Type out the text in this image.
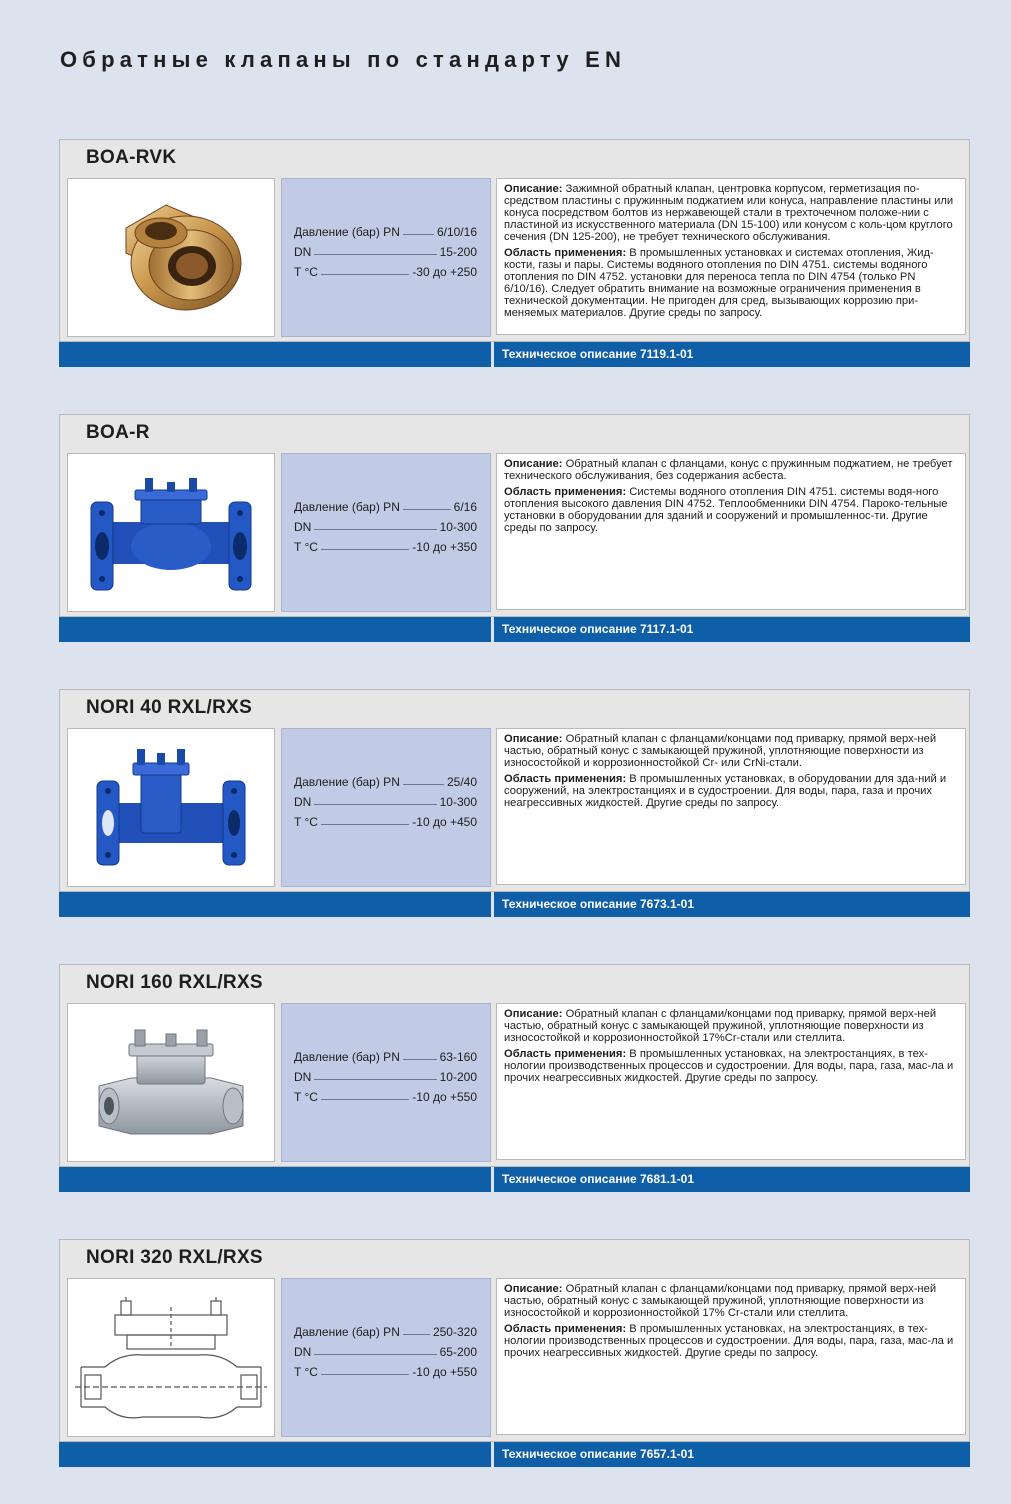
Обратные клапаны по стандарту EN
BOA-RVK
Давление (бар) PN	6/10/16
DN	15-200
T °C	-30 до +250

Описание: Зажимной обратный клапан, центровка корпусом, герметизация по-средством пластины с пружинным поджатием или конуса, направление пластины или конуса посредством болтов из нержавеющей стали в трехточечном положе-нии с пластиной из искусственного материала (DN 15-100) или конусом с коль-цом круглого сечения (DN 125-200), не требует технического обслуживания.

Область применения: В промышленных установках и системах отопления, Жид-кости, газы и пары. Системы водяного отопления по DIN 4751. системы водяного отопления по DIN 4752. установки для переноса тепла по DIN 4754 (только PN 6/10/16). Следует обратить внимание на возможные ограничения применения в технической документации. Не пригоден для сред, вызывающих коррозию при-меняемых материалов. Другие среды по запросу.

Техническое описание 7119.1-01
BOA-R
Давление (бар) PN	6/16
DN	10-300
T °C	-10 до +350

Описание: Обратный клапан с фланцами, конус с пружинным поджатием, не требует технического обслуживания, без содержания асбеста.

Область применения: Системы водяного отопления DIN 4751. системы водя-ного отопления высокого давления DIN 4752. Теплообменники DIN 4754. Пароко-тельные установки в оборудовании для зданий и сооружений и промышленнос-ти. Другие среды по запросу.

Техническое описание 7117.1-01
NORI 40 RXL/RXS
Давление (бар) PN	25/40
DN	10-300
T °C	-10 до +450

Описание: Обратный клапан с фланцами/концами под приварку, прямой верх-ней частью, обратный конус с замыкающей пружиной, уплотняющие поверхности из износостойкой и коррозионностойкой Cr- или CrNi-стали.

Область применения: В промышленных установках, в оборудовании для зда-ний и сооружений, на электростанциях и в судостроении. Для воды, пара, газа и прочих неагрессивных жидкостей. Другие среды по запросу.

Техническое описание 7673.1-01
NORI 160 RXL/RXS
Давление (бар) PN	63-160
DN	10-200
T °C	-10 до +550

Описание: Обратный клапан с фланцами/концами под приварку, прямой верх-ней частью, обратный конус с замыкающей пружиной, уплотняющие поверхности из износостойкой и коррозионностойкой 17%Cr-стали или стеллита.

Область применения: В промышленных установках, на электростанциях, в тех-нологии производственных процессов и судостроении. Для воды, пара, газа, мас-ла и прочих неагрессивных жидкостей. Другие среды по запросу.

Техническое описание 7681.1-01
NORI 320 RXL/RXS
Давление (бар) PN	250-320
DN	65-200
T °C	-10 до +550

Описание: Обратный клапан с фланцами/концами под приварку, прямой верх-ней частью, обратный конус с замыкающей пружиной, уплотняющие поверхности из износостойкой и коррозионностойкой 17% Cr-стали или стеллита.

Область применения: В промышленных установках, на электростанциях, в тех-нологии производственных процессов и судостроении. Для воды, пара, газа, мас-ла и прочих неагрессивных жидкостей. Другие среды по запросу.

Техническое описание 7657.1-01
